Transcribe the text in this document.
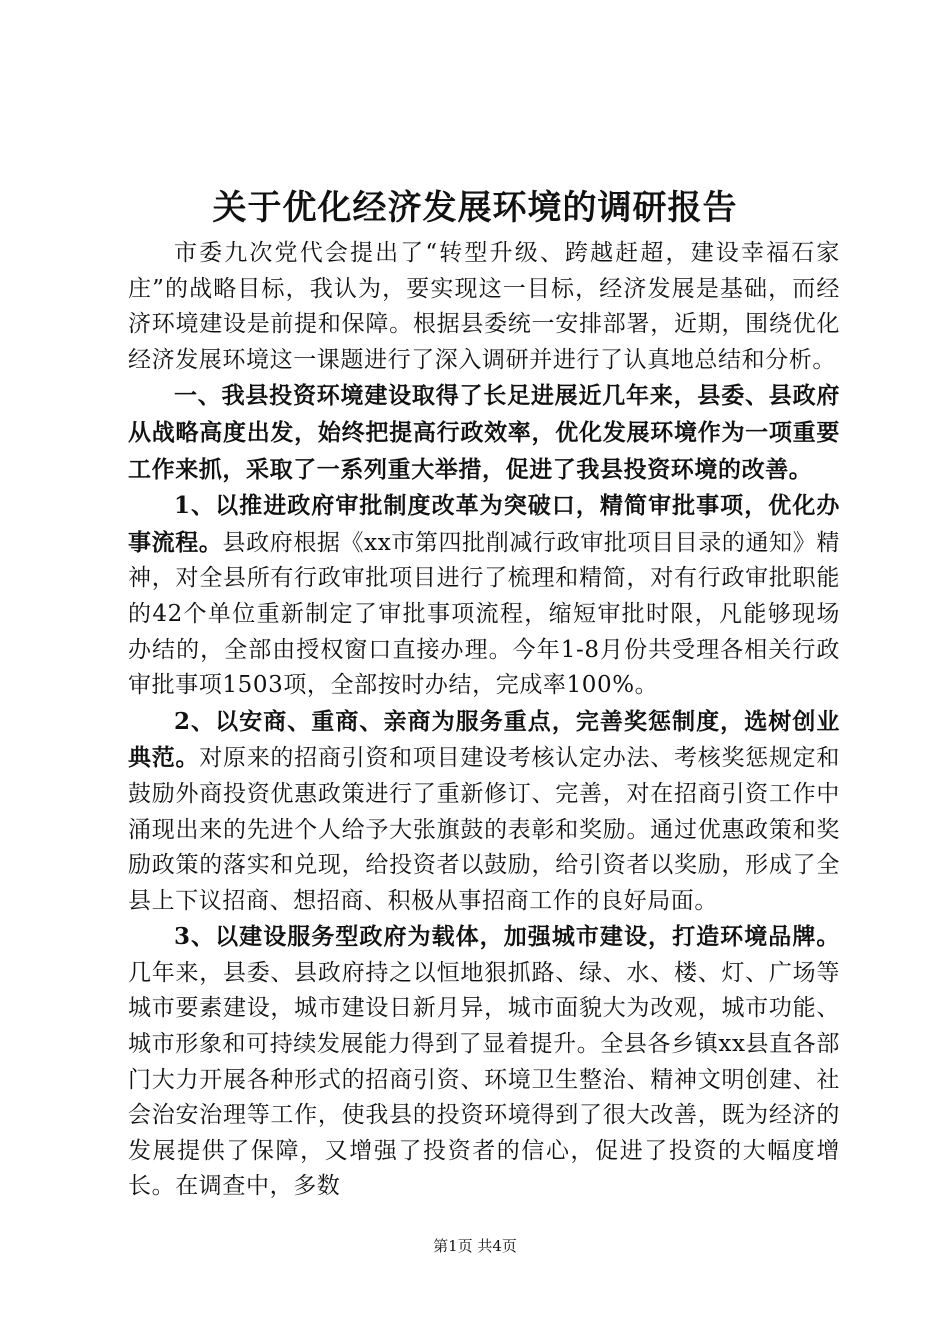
关于优化经济发展环境的调研报告

市委九次党代会提出了“转型升级、跨越赶超，建设幸福石家庄”的战略目标，我认为，要实现这一目标，经济发展是基础，而经济环境建设是前提和保障。根据县委统一安排部署，近期，围绕优化经济发展环境这一课题进行了深入调研并进行了认真地总结和分析。

一、我县投资环境建设取得了长足进展近几年来，县委、县政府从战略高度出发，始终把提高行政效率，优化发展环境作为一项重要工作来抓，采取了一系列重大举措，促进了我县投资环境的改善。

1、以推进政府审批制度改革为突破口，精简审批事项，优化办事流程。县政府根据《xx市第四批削减行政审批项目目录的通知》精神，对全县所有行政审批项目进行了梳理和精简，对有行政审批职能的42个单位重新制定了审批事项流程，缩短审批时限，凡能够现场办结的，全部由授权窗口直接办理。今年1-8月份共受理各相关行政审批事项1503项，全部按时办结，完成率100%。

2、以安商、重商、亲商为服务重点，完善奖惩制度，选树创业典范。对原来的招商引资和项目建设考核认定办法、考核奖惩规定和鼓励外商投资优惠政策进行了重新修订、完善，对在招商引资工作中涌现出来的先进个人给予大张旗鼓的表彰和奖励。通过优惠政策和奖励政策的落实和兑现，给投资者以鼓励，给引资者以奖励，形成了全县上下议招商、想招商、积极从事招商工作的良好局面。

3、以建设服务型政府为载体，加强城市建设，打造环境品牌。几年来，县委、县政府持之以恒地狠抓路、绿、水、楼、灯、广场等城市要素建设，城市建设日新月异，城市面貌大为改观，城市功能、城市形象和可持续发展能力得到了显着提升。全县各乡镇xx县直各部门大力开展各种形式的招商引资、环境卫生整治、精神文明创建、社会治安治理等工作，使我县的投资环境得到了很大改善，既为经济的发展提供了保障，又增强了投资者的信心，促进了投资的大幅度增长。在调查中，多数

第1页 共4页
